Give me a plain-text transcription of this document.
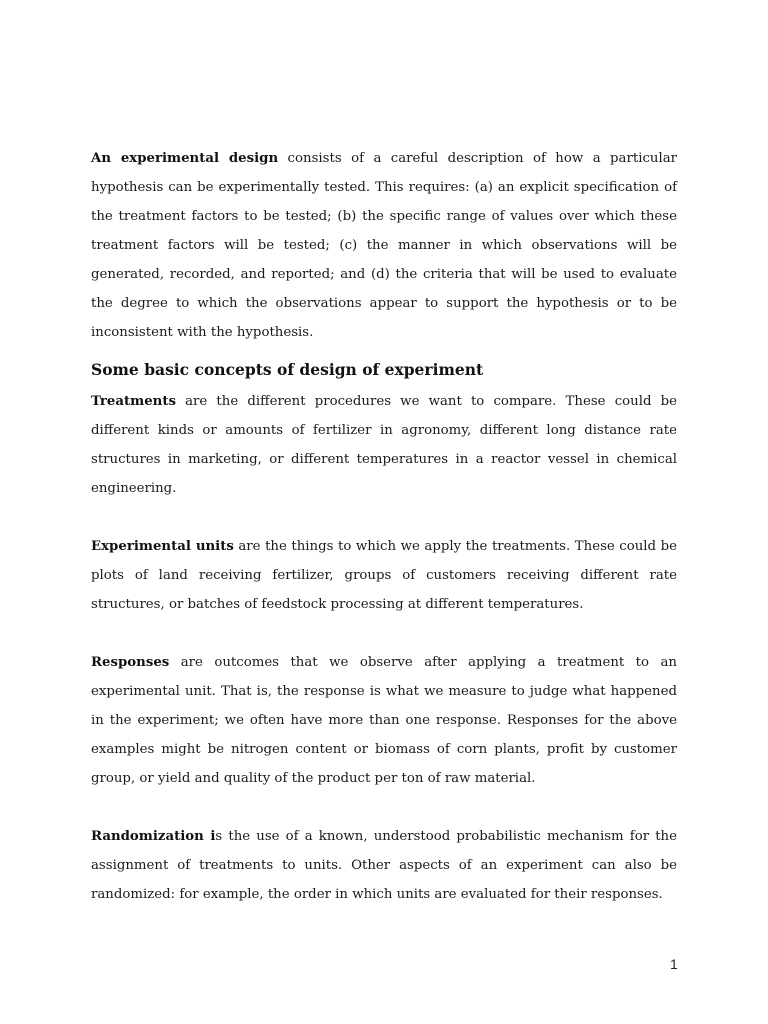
An experimental design consists of a careful description of how a particular hypothesis can be experimentally tested. This requires: (a) an explicit specification of the treatment factors to be tested; (b) the specific range of values over which these treatment factors will be tested; (c) the manner in which observations will be generated, recorded, and reported; and (d) the criteria that will be used to evaluate the degree to which the observations appear to support the hypothesis or to be inconsistent with the hypothesis.

Some basic concepts of design of experiment

Treatments are the different procedures we want to compare. These could be different kinds or amounts of fertilizer in agronomy, different long distance rate structures in marketing, or different temperatures in a reactor vessel in chemical engineering.

Experimental units are the things to which we apply the treatments. These could be plots of land receiving fertilizer, groups of customers receiving different rate structures, or batches of feedstock processing at different temperatures.

Responses are outcomes that we observe after applying a treatment to an experimental unit. That is, the response is what we measure to judge what happened in the experiment; we often have more than one response. Responses for the above examples might be nitrogen content or biomass of corn plants, profit by customer group, or yield and quality of the product per ton of raw material.

Randomization is the use of a known, understood probabilistic mechanism for the assignment of treatments to units. Other aspects of an experiment can also be randomized: for example, the order in which units are evaluated for their responses.

1
